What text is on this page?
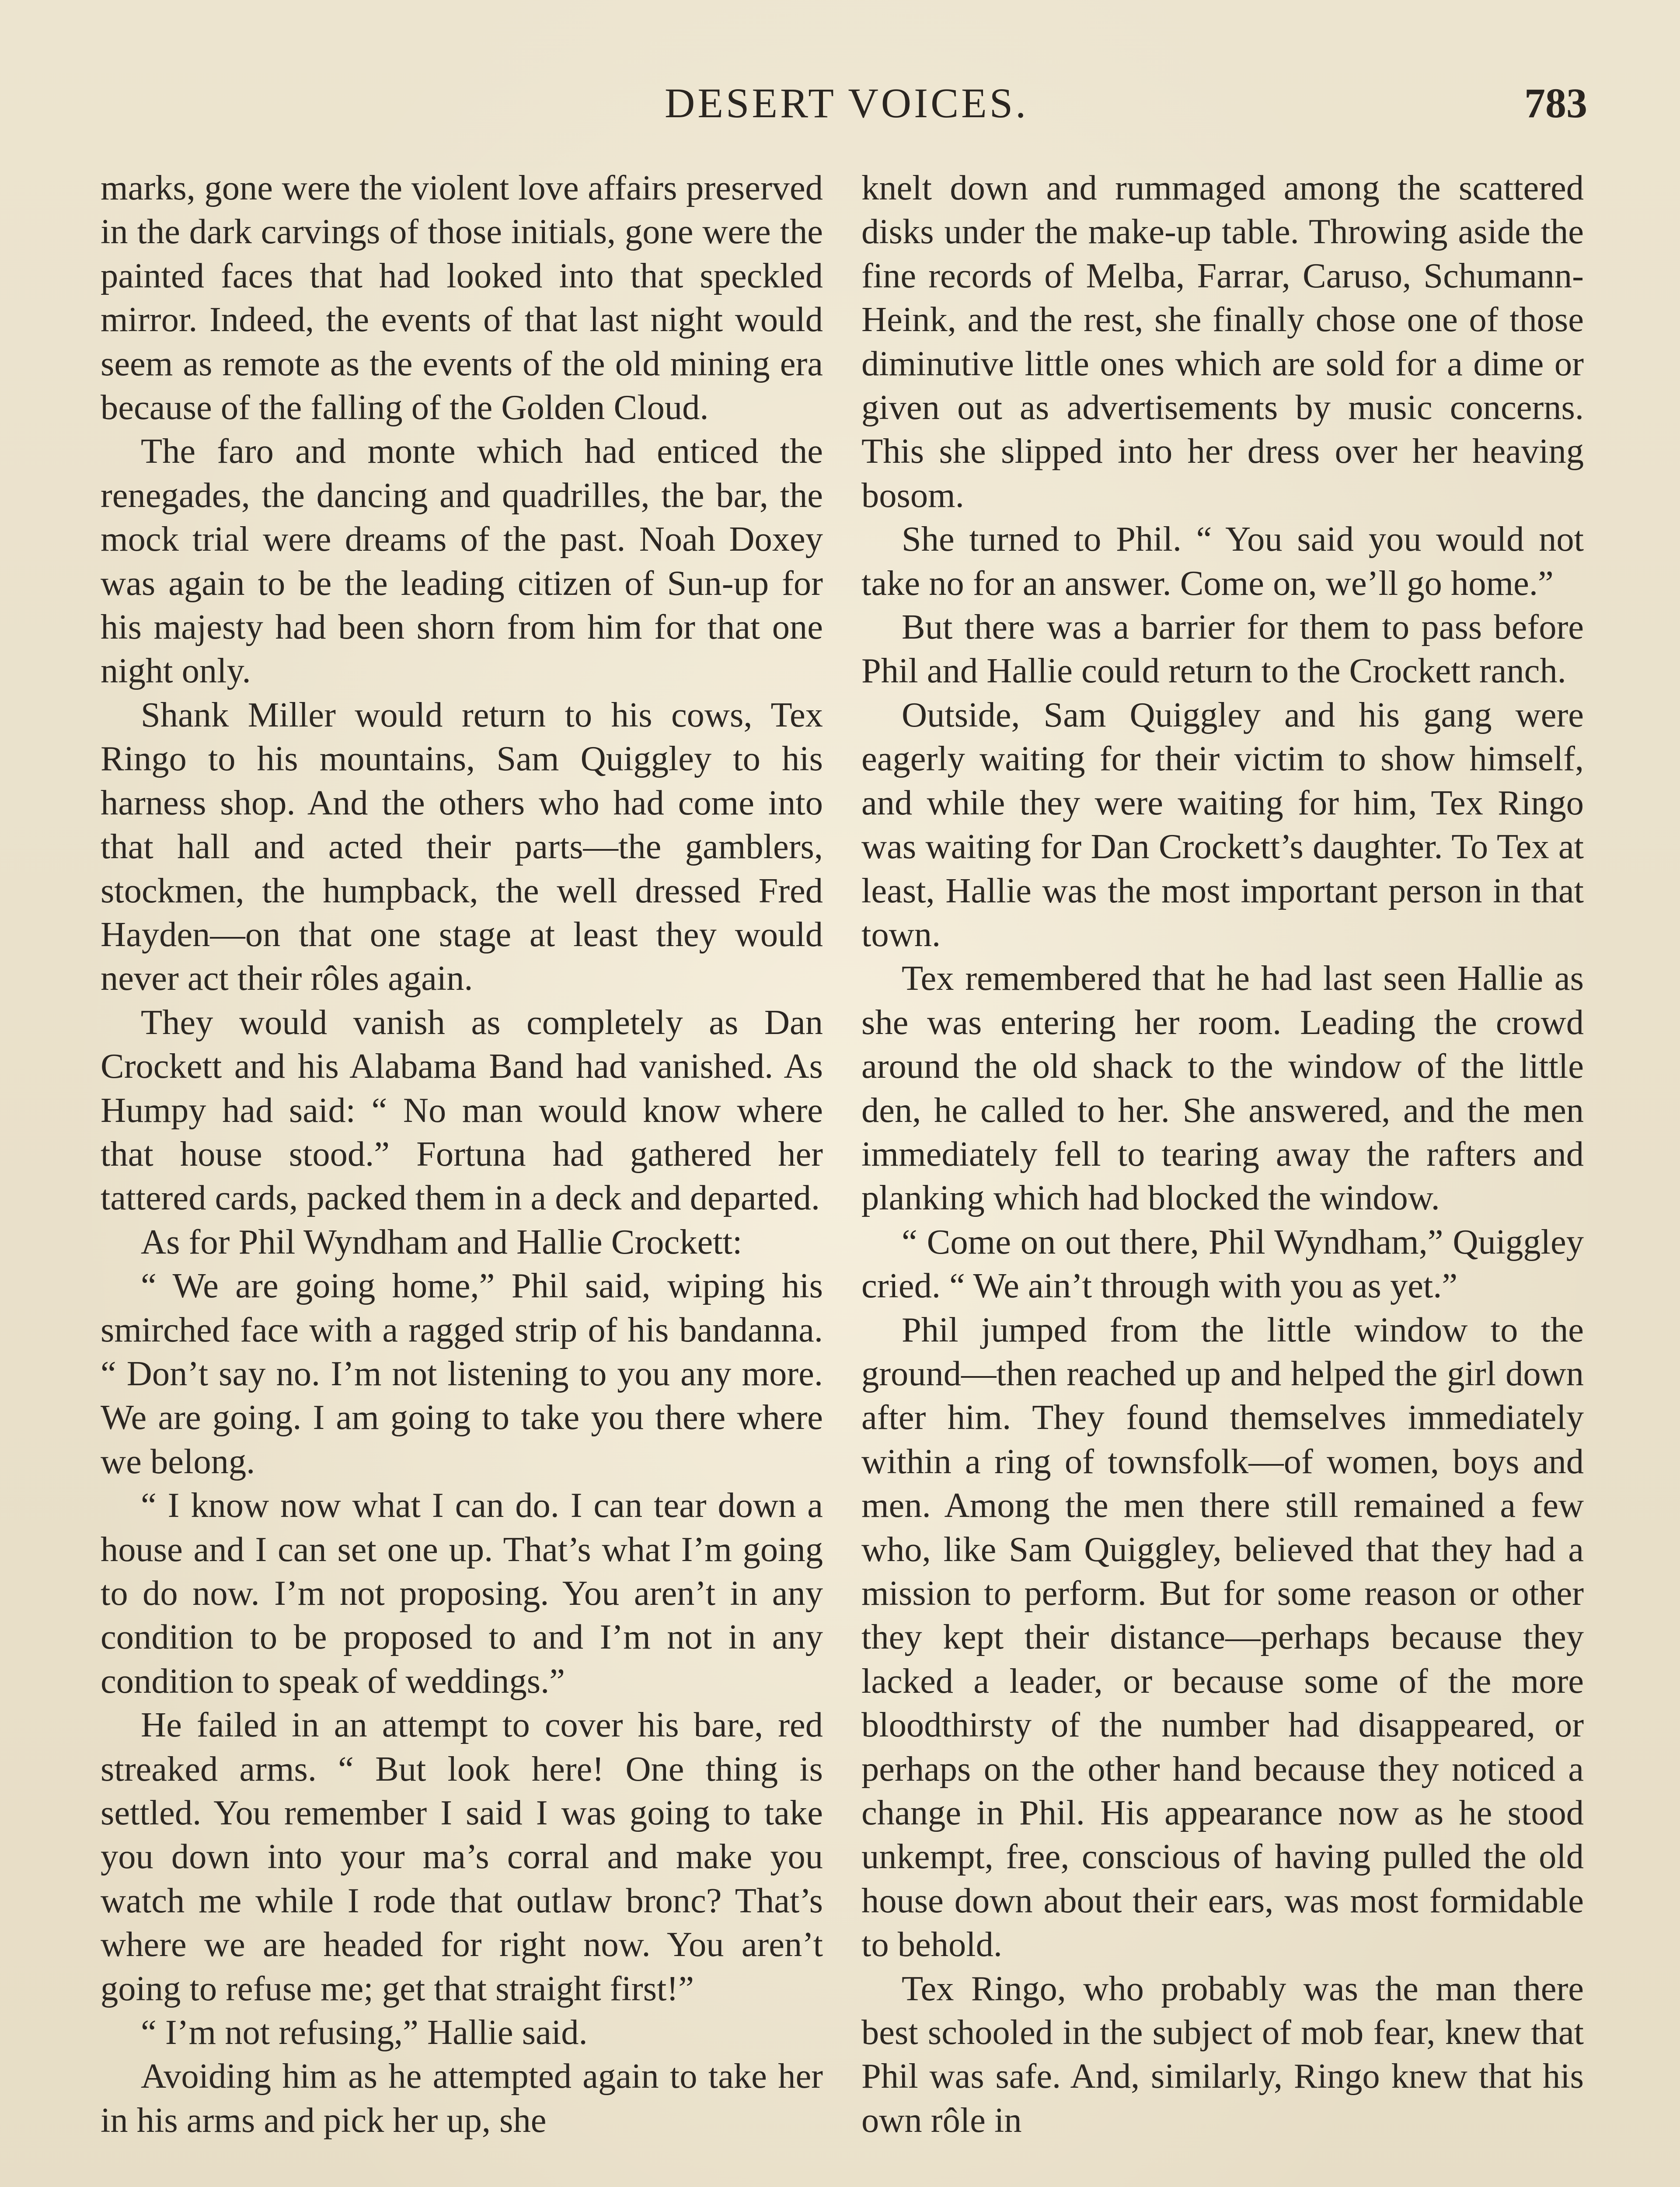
DESERT VOICES.	783

marks, gone were the violent love affairs preserved in the dark carvings of those initials, gone were the painted faces that had looked into that speckled mirror. Indeed, the events of that last night would seem as remote as the events of the old mining era because of the falling of the Golden Cloud.

The faro and monte which had enticed the renegades, the dancing and quadrilles, the bar, the mock trial were dreams of the past. Noah Doxey was again to be the leading citizen of Sun-up for his majesty had been shorn from him for that one night only.

Shank Miller would return to his cows, Tex Ringo to his mountains, Sam Quiggley to his harness shop. And the others who had come into that hall and acted their parts—the gamblers, stockmen, the humpback, the well dressed Fred Hayden—on that one stage at least they would never act their rôles again.

They would vanish as completely as Dan Crockett and his Alabama Band had vanished. As Humpy had said: “ No man would know where that house stood.” Fortuna had gathered her tattered cards, packed them in a deck and departed.

As for Phil Wyndham and Hallie Crockett:

“ We are going home,” Phil said, wiping his smirched face with a ragged strip of his bandanna. “ Don’t say no. I’m not listening to you any more. We are going. I am going to take you there where we belong.

“ I know now what I can do. I can tear down a house and I can set one up. That’s what I’m going to do now. I’m not proposing. You aren’t in any condition to be proposed to and I’m not in any condition to speak of weddings.”

He failed in an attempt to cover his bare, red streaked arms. “ But look here! One thing is settled. You remember I said I was going to take you down into your ma’s corral and make you watch me while I rode that outlaw bronc? That’s where we are headed for right now. You aren’t going to refuse me; get that straight first!”

“ I’m not refusing,” Hallie said.

Avoiding him as he attempted again to take her in his arms and pick her up, she

knelt down and rummaged among the scattered disks under the make-up table. Throwing aside the fine records of Melba, Farrar, Caruso, Schumann-Heink, and the rest, she finally chose one of those diminutive little ones which are sold for a dime or given out as advertisements by music concerns. This she slipped into her dress over her heaving bosom.

She turned to Phil. “ You said you would not take no for an answer. Come on, we’ll go home.”

But there was a barrier for them to pass before Phil and Hallie could return to the Crockett ranch.

Outside, Sam Quiggley and his gang were eagerly waiting for their victim to show himself, and while they were waiting for him, Tex Ringo was waiting for Dan Crockett’s daughter. To Tex at least, Hallie was the most important person in that town.

Tex remembered that he had last seen Hallie as she was entering her room. Leading the crowd around the old shack to the window of the little den, he called to her. She answered, and the men immediately fell to tearing away the rafters and planking which had blocked the window.

“ Come on out there, Phil Wyndham,” Quiggley cried. “ We ain’t through with you as yet.”

Phil jumped from the little window to the ground—then reached up and helped the girl down after him. They found themselves immediately within a ring of townsfolk—of women, boys and men. Among the men there still remained a few who, like Sam Quiggley, believed that they had a mission to perform. But for some reason or other they kept their distance—perhaps because they lacked a leader, or because some of the more bloodthirsty of the number had disappeared, or perhaps on the other hand because they noticed a change in Phil. His appearance now as he stood unkempt, free, conscious of having pulled the old house down about their ears, was most formidable to behold.

Tex Ringo, who probably was the man there best schooled in the subject of mob fear, knew that Phil was safe. And, similarly, Ringo knew that his own rôle in
